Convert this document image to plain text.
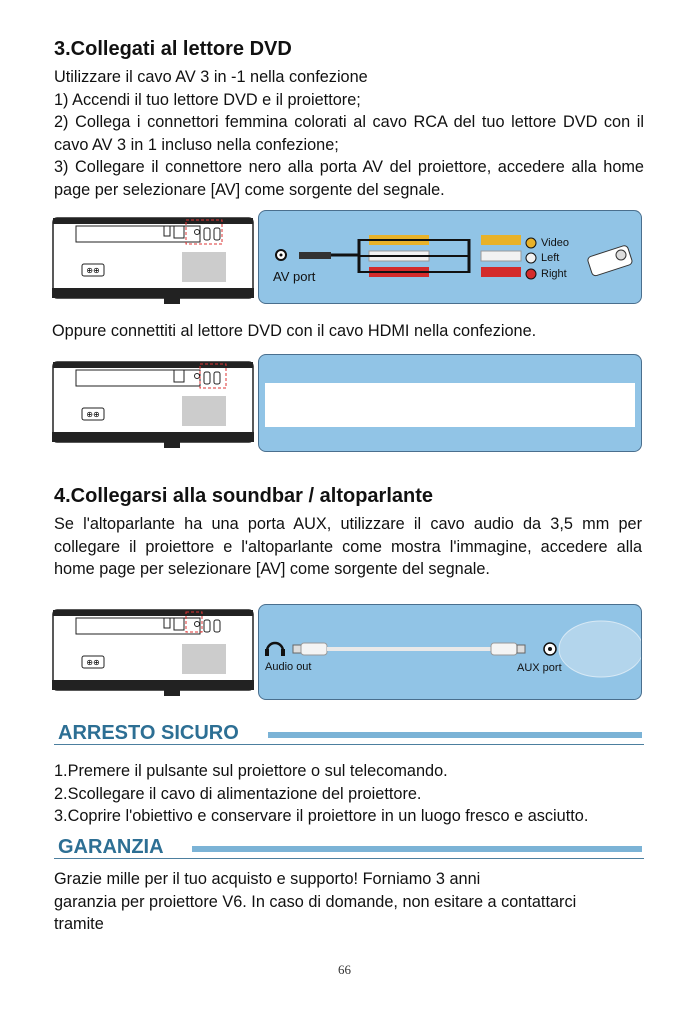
3.Collegati al lettore DVD
Utilizzare il cavo AV 3 in -1 nella confezione
1) Accendi il tuo lettore DVD e il proiettore;
2) Collega i connettori femmina colorati al cavo RCA del tuo lettore DVD con il cavo AV 3 in 1 incluso nella confezione;
3) Collegare il connettore nero alla porta AV del proiettore, accedere alla home page per selezionare [AV] come sorgente del segnale.
⊕⊕	AV port
Video
Left
Right
Oppure connettiti al lettore DVD con il cavo HDMI nella confezione.
⊕⊕
4.Collegarsi alla soundbar / altoparlante
Se l'altoparlante ha una porta AUX, utilizzare il cavo audio da 3,5 mm per collegare il proiettore e l'altoparlante come mostra l'immagine, accedere alla home page per selezionare [AV] come sorgente del segnale.
⊕⊕	Audio out	AUX port
ARRESTO SICURO
1.Premere il pulsante sul proiettore o sul telecomando.
2.Scollegare il cavo di alimentazione del proiettore.
3.Coprire l'obiettivo e conservare il proiettore in un luogo fresco e asciutto.
GARANZIA
Grazie mille per il tuo acquisto e supporto! Forniamo 3 anni
garanzia per proiettore V6. In caso di domande, non esitare a contattarci
tramite
66
